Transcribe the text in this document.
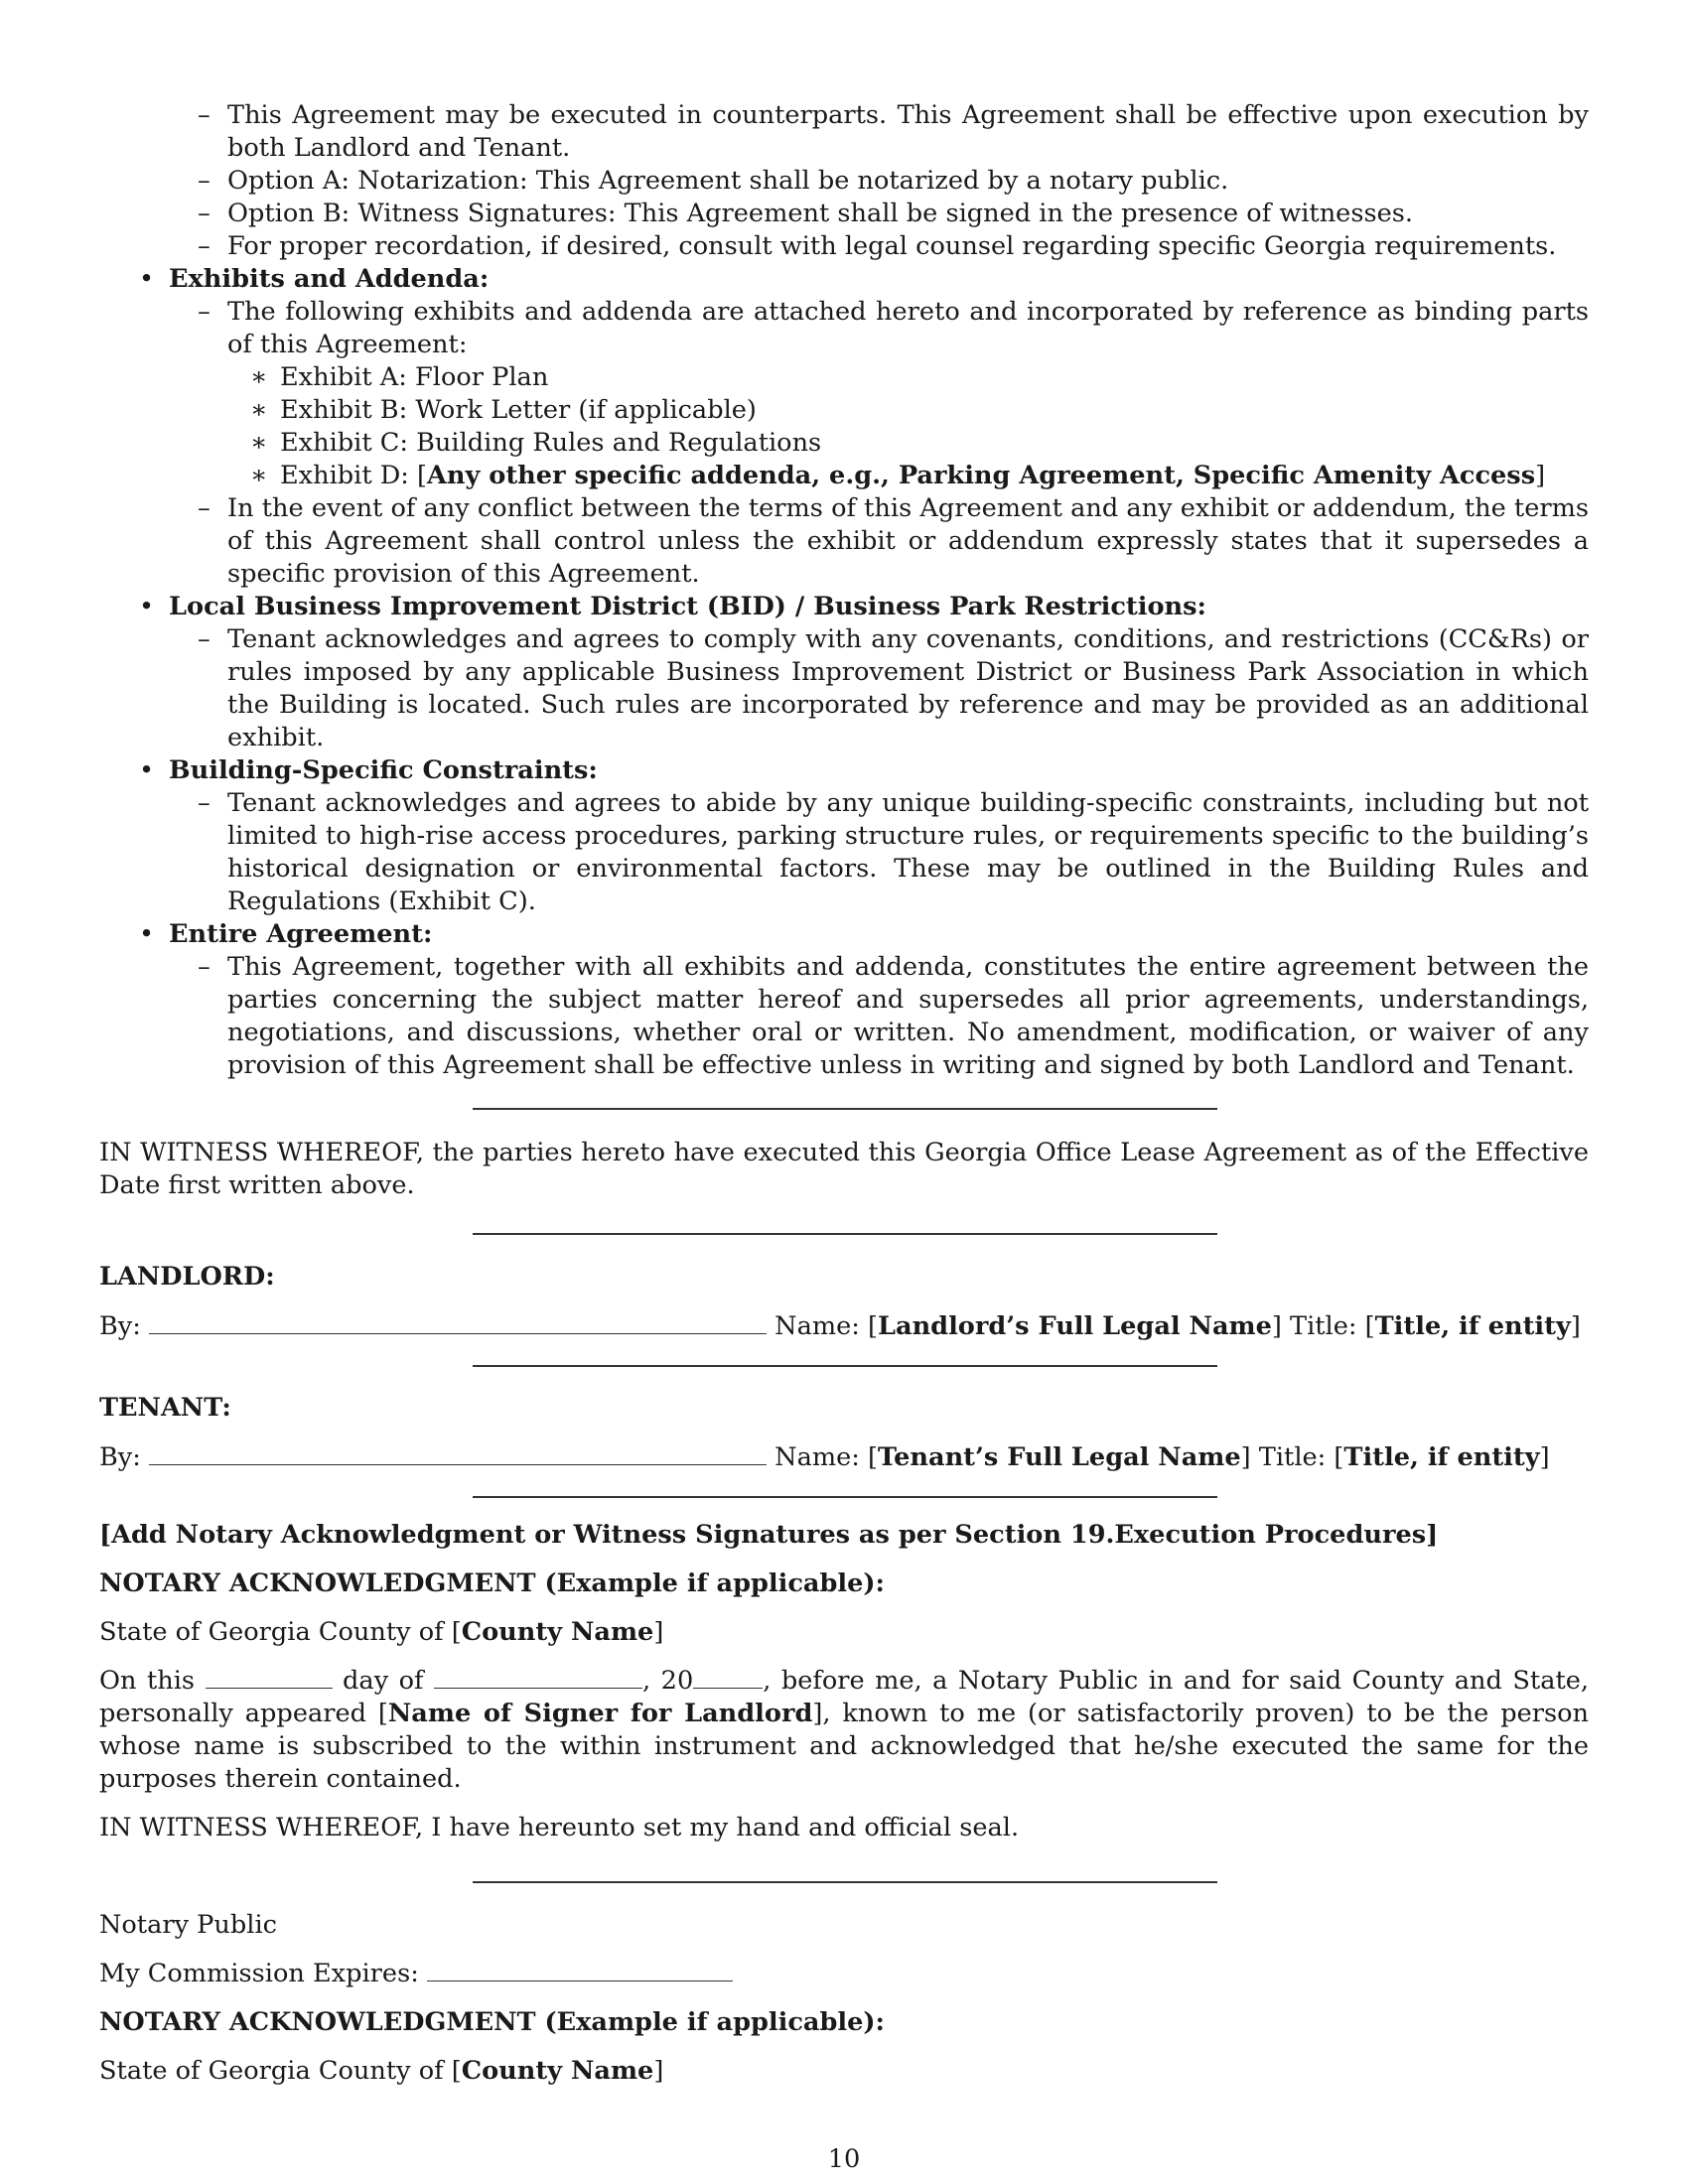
– This Agreement may be executed in counterparts. This Agreement shall be effective upon execution by both Landlord and Tenant.
– Option A: Notarization: This Agreement shall be notarized by a notary public.
– Option B: Witness Signatures: This Agreement shall be signed in the presence of witnesses.
– For proper recordation, if desired, consult with legal counsel regarding specific Georgia requirements.
• Exhibits and Addenda:
– The following exhibits and addenda are attached hereto and incorporated by reference as binding parts of this Agreement:
∗ Exhibit A: Floor Plan
∗ Exhibit B: Work Letter (if applicable)
∗ Exhibit C: Building Rules and Regulations
∗ Exhibit D: [Any other specific addenda, e.g., Parking Agreement, Specific Amenity Access]
– In the event of any conflict between the terms of this Agreement and any exhibit or addendum, the terms of this Agreement shall control unless the exhibit or addendum expressly states that it supersedes a specific provision of this Agreement.
• Local Business Improvement District (BID) / Business Park Restrictions:
– Tenant acknowledges and agrees to comply with any covenants, conditions, and restrictions (CC&Rs) or rules imposed by any applicable Business Improvement District or Business Park Association in which the Building is located. Such rules are incorporated by reference and may be provided as an additional exhibit.
• Building-Specific Constraints:
– Tenant acknowledges and agrees to abide by any unique building-specific constraints, including but not limited to high-rise access procedures, parking structure rules, or requirements specific to the building’s historical designation or environmental factors. These may be outlined in the Building Rules and Regulations (Exhibit C).
• Entire Agreement:
– This Agreement, together with all exhibits and addenda, constitutes the entire agreement between the parties concerning the subject matter hereof and supersedes all prior agreements, understandings, negotiations, and discussions, whether oral or written. No amendment, modification, or waiver of any provision of this Agreement shall be effective unless in writing and signed by both Landlord and Tenant.

IN WITNESS WHEREOF, the parties hereto have executed this Georgia Office Lease Agreement as of the Effective Date first written above.

LANDLORD:
By:	Name: [Landlord’s Full Legal Name] Title: [Title, if entity]
TENANT:
By:	Name: [Tenant’s Full Legal Name] Title: [Title, if entity]
[Add Notary Acknowledgment or Witness Signatures as per Section 19.Execution Procedures]
NOTARY ACKNOWLEDGMENT (Example if applicable):
State of Georgia County of [County Name]

On this	day of	, 20	, before me, a Notary Public in and for said County and State, personally appeared [Name of Signer for Landlord], known to me (or satisfactorily proven) to be the person whose name is subscribed to the within instrument and acknowledged that he/she executed the same for the purposes therein contained.

IN WITNESS WHEREOF, I have hereunto set my hand and official seal.
Notary Public
My Commission Expires:
NOTARY ACKNOWLEDGMENT (Example if applicable):
State of Georgia County of [County Name]
10
